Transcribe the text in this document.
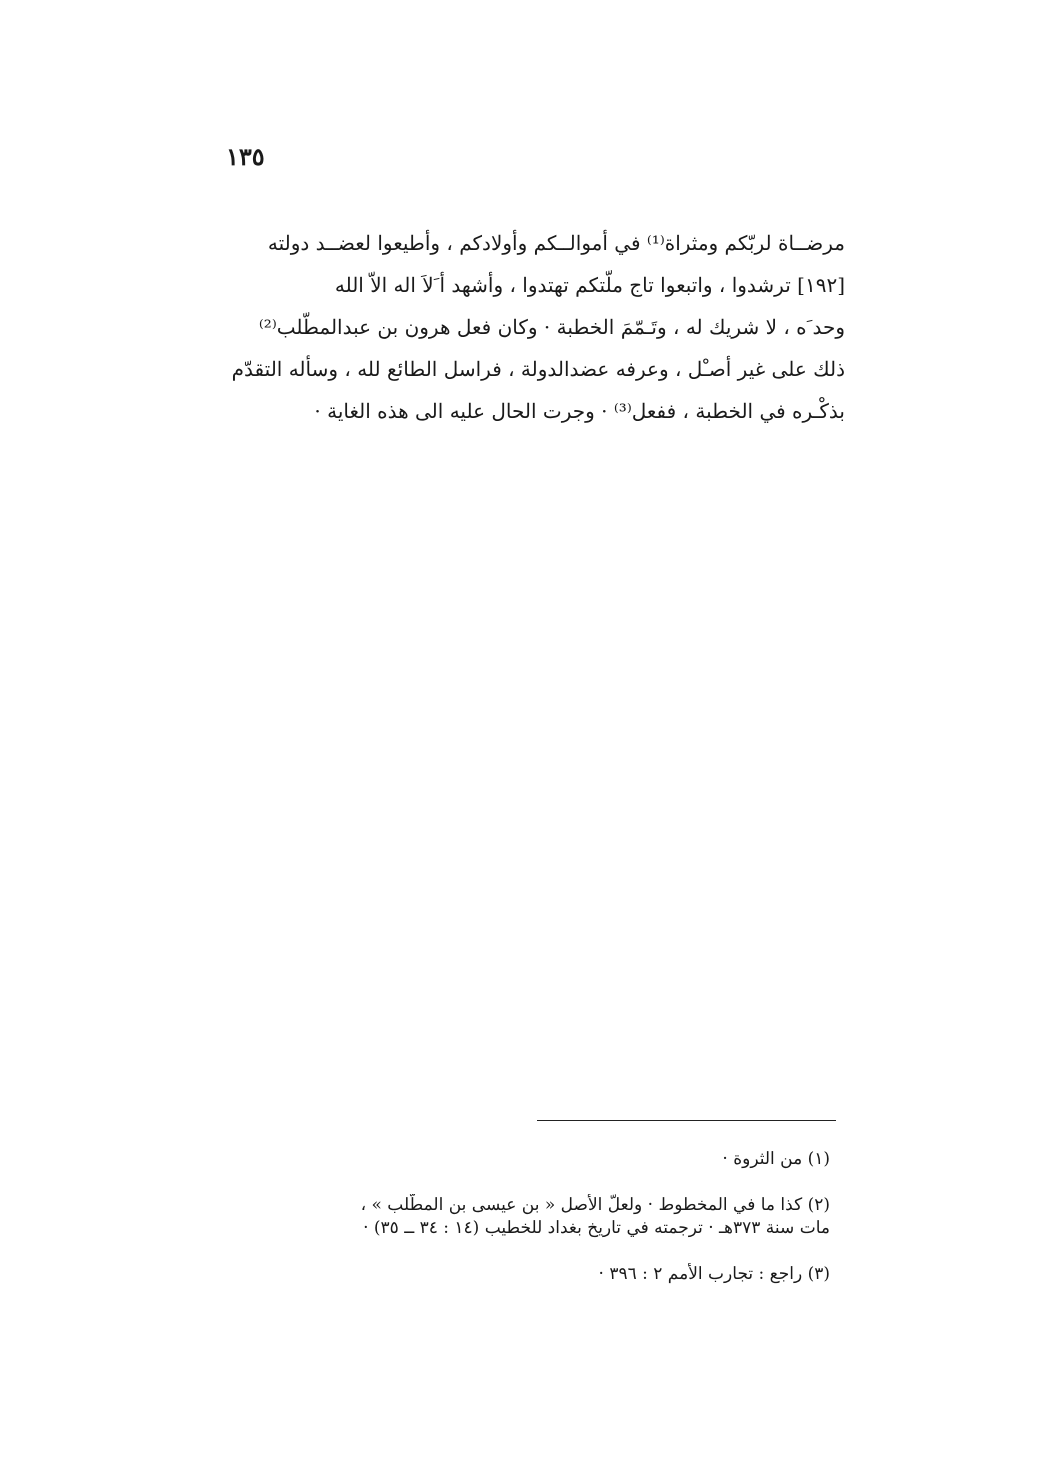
١٣٥
مرضــاة لربّكم ومثراة⁽¹⁾ في أموالــكم وأولادكم ، وأطيعوا لعضــد دولته
[١٩٢] ترشدوا ، واتبعوا تاج ملّتكم تهتدوا ، وأشهد أ َلاَ اله الاّ الله
وحد َه ، لا شريك له ، وتَـمّمَ الخطبة · وكان فعل هرون بن عبدالمطّلب⁽²⁾
ذلك على غير أصـْل ، وعرفه عضدالدولة ، فراسل الطائع لله ، وسأله التقدّم
بذكْـره في الخطبة ، ففعل⁽³⁾ · وجرت الحال عليه الى هذه الغاية ·
(١) من الثروة ·
(٢) كذا ما في المخطوط · ولعلّ الأصل « بن عيسى بن المطّلب » ،
مات سنة ٣٧٣هـ · ترجمته في تاريخ بغداد للخطيب (١٤ : ٣٤ ــ ٣٥) ·
(٣) راجع : تجارب الأمم ٢ : ٣٩٦ ·
